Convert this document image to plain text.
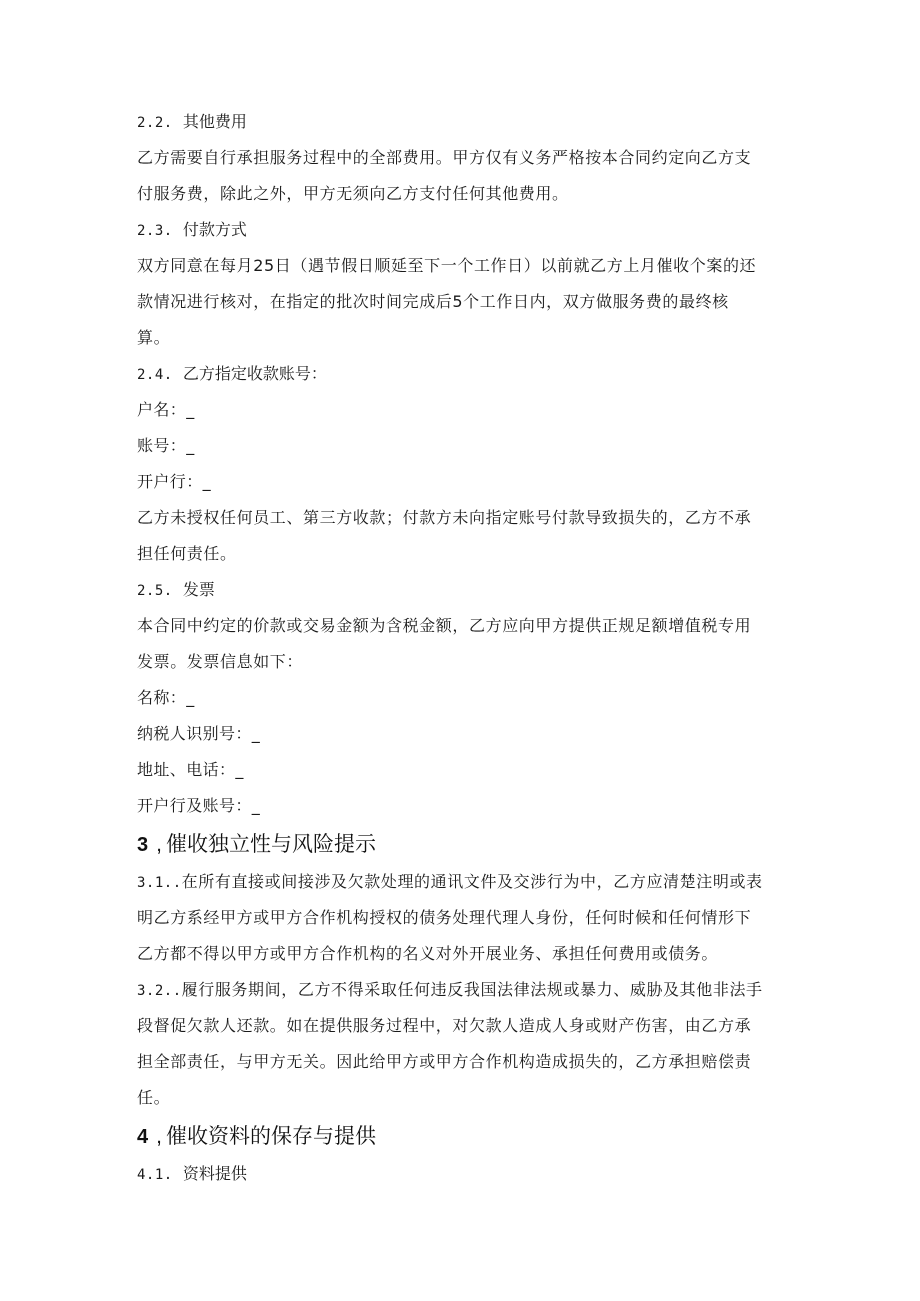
2.2. 其他费用
乙方需要自行承担服务过程中的全部费用。甲方仅有义务严格按本合同约定向乙方支
付服务费，除此之外，甲方无须向乙方支付任何其他费用。
2.3. 付款方式
双方同意在每月25日（遇节假日顺延至下一个工作日）以前就乙方上月催收个案的还
款情况进行核对，在指定的批次时间完成后5个工作日内，双方做服务费的最终核
算。
2.4. 乙方指定收款账号：
户名：_
账号：_
开户行：_
乙方未授权任何员工、第三方收款；付款方未向指定账号付款导致损失的，乙方不承
担任何责任。
2.5. 发票
本合同中约定的价款或交易金额为含税金额，乙方应向甲方提供正规足额增值税专用
发票。发票信息如下：
名称：_
纳税人识别号：_
地址、电话：_
开户行及账号：_
3 , 催收独立性与风险提示
3.1..在所有直接或间接涉及欠款处理的通讯文件及交涉行为中，乙方应清楚注明或表
明乙方系经甲方或甲方合作机构授权的债务处理代理人身份，任何时候和任何情形下
乙方都不得以甲方或甲方合作机构的名义对外开展业务、承担任何费用或债务。
3.2..履行服务期间，乙方不得采取任何违反我国法律法规或暴力、威胁及其他非法手
段督促欠款人还款。如在提供服务过程中，对欠款人造成人身或财产伤害，由乙方承
担全部责任，与甲方无关。因此给甲方或甲方合作机构造成损失的，乙方承担赔偿责
任。
4 , 催收资料的保存与提供
4.1. 资料提供
